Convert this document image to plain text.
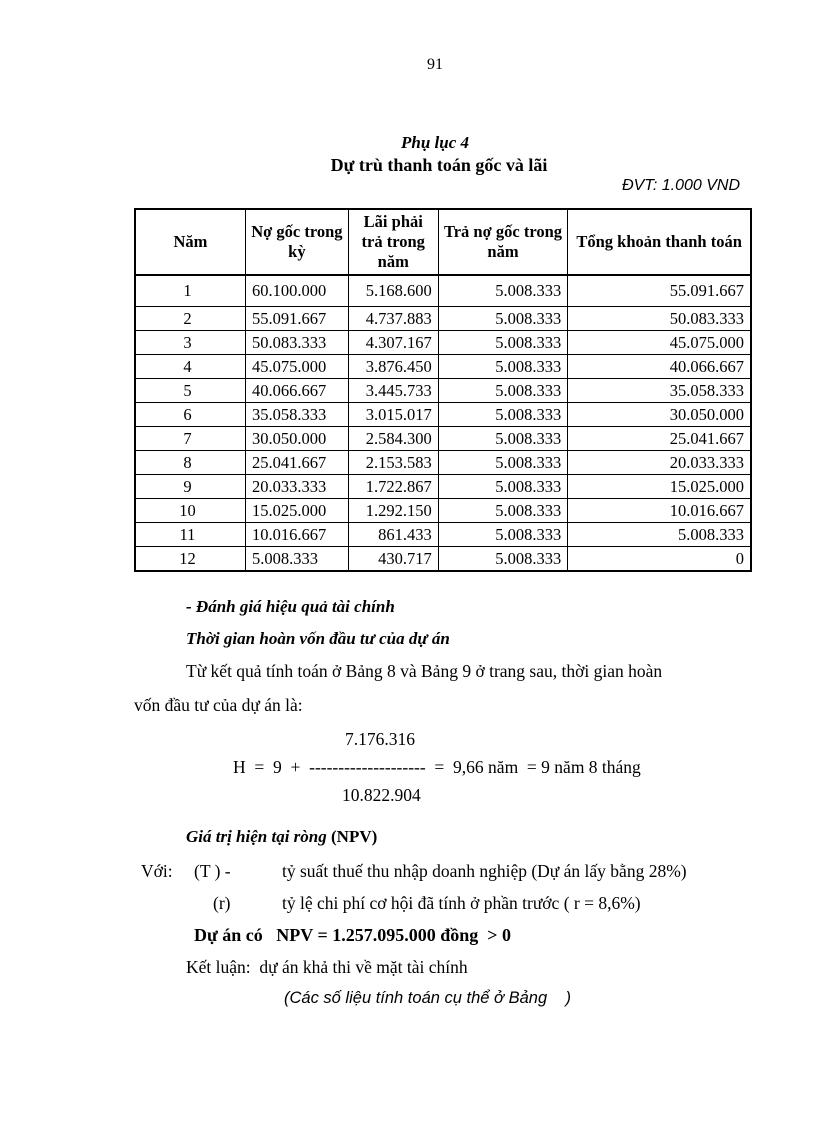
91
Phụ lục 4
Dự trù thanh toán gốc và lãi
ĐVT: 1.000 VND
Năm	Nợ gốc trong kỳ	Lãi phải trả trong năm	Trả nợ gốc trong năm	Tổng khoản thanh toán
1	60.100.000	5.168.600	5.008.333	55.091.667
2	55.091.667	4.737.883	5.008.333	50.083.333
3	50.083.333	4.307.167	5.008.333	45.075.000
4	45.075.000	3.876.450	5.008.333	40.066.667
5	40.066.667	3.445.733	5.008.333	35.058.333
6	35.058.333	3.015.017	5.008.333	30.050.000
7	30.050.000	2.584.300	5.008.333	25.041.667
8	25.041.667	2.153.583	5.008.333	20.033.333
9	20.033.333	1.722.867	5.008.333	15.025.000
10	15.025.000	1.292.150	5.008.333	10.016.667
11	10.016.667	861.433	5.008.333	5.008.333
12	5.008.333	430.717	5.008.333	0
- Đánh giá hiệu quả tài chính
Thời gian hoàn vốn đầu tư của dự án
Từ kết quả tính toán ở Bảng 8 và Bảng 9 ở trang sau, thời gian hoàn
vốn đầu tư của dự án là:
7.176.316
H  =  9  +  --------------------  =  9,66 năm  = 9 năm 8 tháng
10.822.904
Giá trị hiện tại ròng (NPV)
Với: (T ) -	tỷ suất thuế thu nhập doanh nghiệp (Dự án lấy bằng 28%)
(r)	tỷ lệ chi phí cơ hội đã tính ở phần trước ( r = 8,6%)
Dự án có   NPV = 1.257.095.000 đồng  > 0
Kết luận:  dự án khả thi về mặt tài chính
(Các số liệu tính toán cụ thể ở Bảng    )
